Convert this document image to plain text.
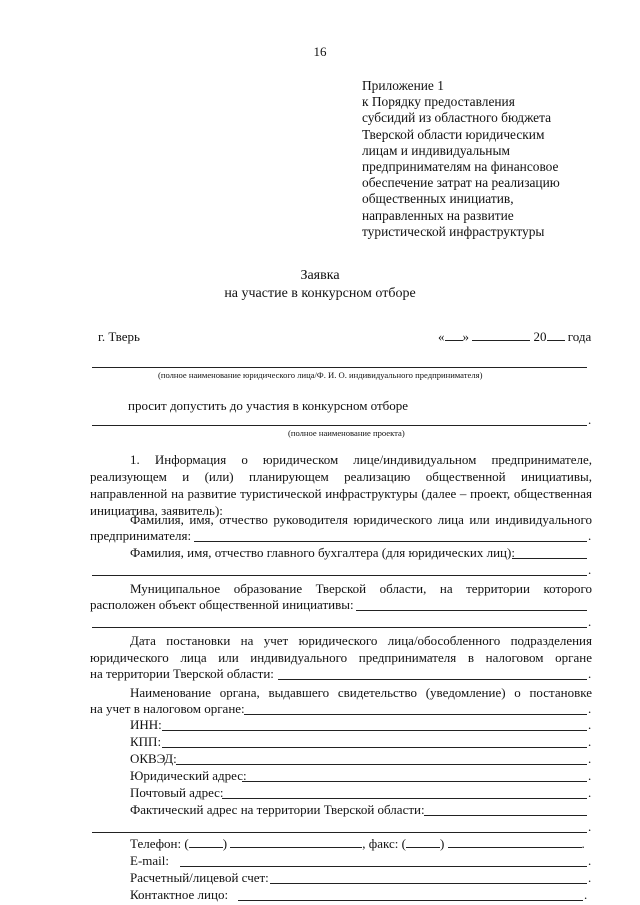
16
Приложение 1
к Порядку предоставления
субсидий из областного бюджета
Тверской области юридическим
лицам и индивидуальным
предпринимателям на финансовое
обеспечение затрат на реализацию
общественных инициатив,
направленных на развитие
туристической инфраструктуры
Заявка
на участие в конкурсном отборе
г. Тверь	« »	20 года
(полное наименование юридического лица/Ф. И. О. индивидуального предпринимателя)
просит допустить до участия в конкурсном отборе
.
(полное наименование проекта)
1. Информация о юридическом лице/индивидуальном предпринимателе, реализующем и (или) планирующем реализацию общественной инициативы, направленной на развитие туристической инфраструктуры (далее – проект, общественная инициатива, заявитель):
Фамилия, имя, отчество руководителя юридического лица или индивидуального
предпринимателя:	.
Фамилия, имя, отчество главного бухгалтера (для юридических лиц):
.
Муниципальное образование Тверской области, на территории которого
расположен объект общественной инициативы:
.
Дата постановки на учет юридического лица/обособленного подразделения
юридического лица или индивидуального предпринимателя в налоговом органе
на территории Тверской области:	.
Наименование органа, выдавшего свидетельство (уведомление) о постановке
на учет в налоговом органе:	.
ИНН:	.
КПП:	.
ОКВЭД:	.
Юридический адрес:	.
Почтовый адрес:	.
Фактический адрес на территории Тверской области:
.
Телефон: (	)	, факс: (	)	.
E-mail:	.
Расчетный/лицевой счет:	.
Контактное лицо:	.
